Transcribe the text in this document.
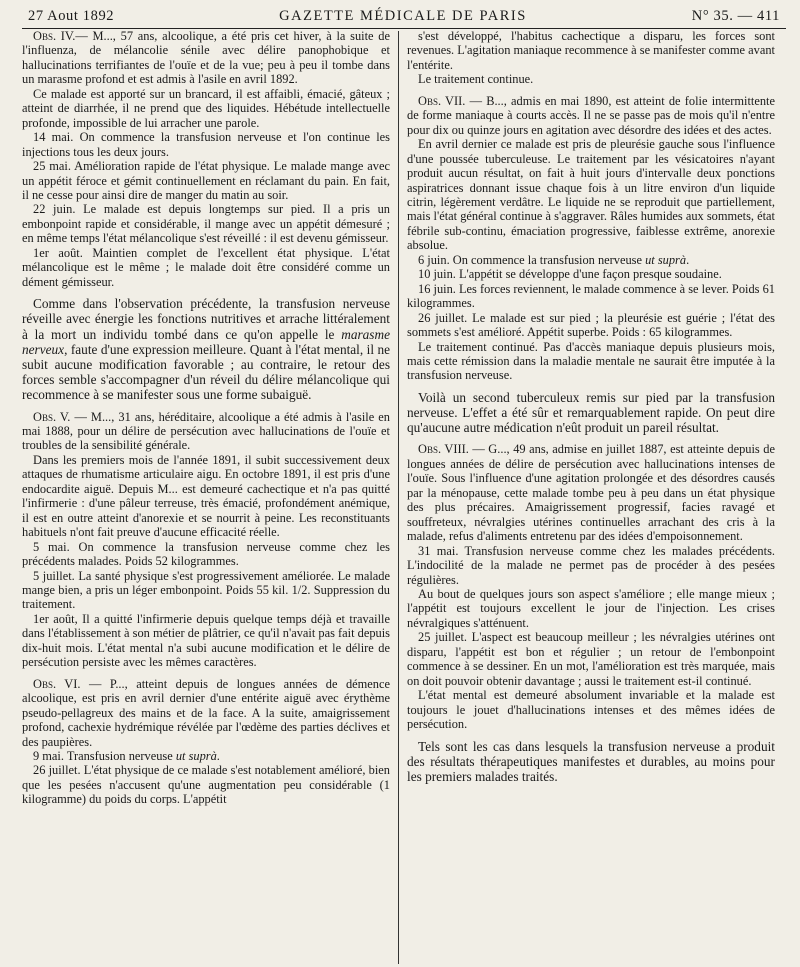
27 Aout 1892	GAZETTE MÉDICALE DE PARIS	N° 35. — 411

Obs. IV.— M..., 57 ans, alcoolique, a été pris cet hiver, à la suite de l'influenza, de mélancolie sénile avec délire panophobique et hallucinations terrifiantes de l'ouïe et de la vue; peu à peu il tombe dans un marasme profond et est admis à l'asile en avril 1892.

Ce malade est apporté sur un brancard, il est affaibli, émacié, gâteux ; atteint de diarrhée, il ne prend que des liquides. Hébétude intellectuelle profonde, impossible de lui arracher une parole.

14 mai. On commence la transfusion nerveuse et l'on continue les injections tous les deux jours.

25 mai. Amélioration rapide de l'état physique. Le malade mange avec un appétit féroce et gémit continuellement en réclamant du pain. En fait, il ne cesse pour ainsi dire de manger du matin au soir.

22 juin. Le malade est depuis longtemps sur pied. Il a pris un embonpoint rapide et considérable, il mange avec un appétit démesuré ; en même temps l'état mélancolique s'est réveillé : il est devenu gémisseur.

1er août. Maintien complet de l'excellent état physique. L'état mélancolique est le même ; le malade doit être considéré comme un dément gémisseur.

Comme dans l'observation précédente, la transfusion nerveuse réveille avec énergie les fonctions nutritives et arrache littéralement à la mort un individu tombé dans ce qu'on appelle le marasme nerveux, faute d'une expression meilleure. Quant à l'état mental, il ne subit aucune modification favorable ; au contraire, le retour des forces semble s'accompagner d'un réveil du délire mélancolique qui recommence à se manifester sous une forme subaiguë.

Obs. V. — M..., 31 ans, héréditaire, alcoolique a été admis à l'asile en mai 1888, pour un délire de persécution avec hallucinations de l'ouïe et troubles de la sensibilité générale.

Dans les premiers mois de l'année 1891, il subit successivement deux attaques de rhumatisme articulaire aigu. En octobre 1891, il est pris d'une endocardite aiguë. Depuis M... est demeuré cachectique et n'a pas quitté l'infirmerie : d'une pâleur terreuse, très émacié, profondément anémique, il est en outre atteint d'anorexie et se nourrit à peine. Les reconstituants habituels n'ont fait preuve d'aucune efficacité réelle.

5 mai. On commence la transfusion nerveuse comme chez les précédents malades. Poids 52 kilogrammes.

5 juillet. La santé physique s'est progressivement améliorée. Le malade mange bien, a pris un léger embonpoint. Poids 55 kil. 1/2. Suppression du traitement.

1er août, Il a quitté l'infirmerie depuis quelque temps déjà et travaille dans l'établissement à son métier de plâtrier, ce qu'il n'avait pas fait depuis dix-huit mois. L'état mental n'a subi aucune modification et le délire de persécution persiste avec les mêmes caractères.

Obs. VI. — P..., atteint depuis de longues années de démence alcoolique, est pris en avril dernier d'une entérite aiguë avec érythème pseudo-pellagreux des mains et de la face. A la suite, amaigrissement profond, cachexie hydrémique révélée par l'œdème des parties déclives et des paupières.

9 mai. Transfusion nerveuse ut suprà.

26 juillet. L'état physique de ce malade s'est notablement amélioré, bien que les pesées n'accusent qu'une augmentation peu considérable (1 kilogramme) du poids du corps. L'appétit

s'est développé, l'habitus cachectique a disparu, les forces sont revenues. L'agitation maniaque recommence à se manifester comme avant l'entérite.

Le traitement continue.

Obs. VII. — B..., admis en mai 1890, est atteint de folie intermittente de forme maniaque à courts accès. Il ne se passe pas de mois qu'il n'entre pour dix ou quinze jours en agitation avec désordre des idées et des actes.

En avril dernier ce malade est pris de pleurésie gauche sous l'influence d'une poussée tuberculeuse. Le traitement par les vésicatoires n'ayant produit aucun résultat, on fait à huit jours d'intervalle deux ponctions aspiratrices donnant issue chaque fois à un litre environ d'un liquide citrin, légèrement verdâtre. Le liquide ne se reproduit que partiellement, mais l'état général continue à s'aggraver. Râles humides aux sommets, état fébrile sub-continu, émaciation progressive, faiblesse extrême, anorexie absolue.

6 juin. On commence la transfusion nerveuse ut suprà.

10 juin. L'appétit se développe d'une façon presque soudaine.

16 juin. Les forces reviennent, le malade commence à se lever. Poids 61 kilogrammes.

26 juillet. Le malade est sur pied ; la pleurésie est guérie ; l'état des sommets s'est amélioré. Appétit superbe. Poids : 65 kilogrammes.

Le traitement continué. Pas d'accès maniaque depuis plusieurs mois, mais cette rémission dans la maladie mentale ne saurait être imputée à la transfusion nerveuse.

Voilà un second tuberculeux remis sur pied par la transfusion nerveuse. L'effet a été sûr et remarquablement rapide. On peut dire qu'aucune autre médication n'eût produit un pareil résultat.

Obs. VIII. — G..., 49 ans, admise en juillet 1887, est atteinte depuis de longues années de délire de persécution avec hallucinations intenses de l'ouïe. Sous l'influence d'une agitation prolongée et des désordres causés par la ménopause, cette malade tombe peu à peu dans un état physique des plus précaires. Amaigrissement progressif, facies ravagé et souffreteux, névralgies utérines continuelles arrachant des cris à la malade, refus d'aliments entretenu par des idées d'empoisonnement.

31 mai. Transfusion nerveuse comme chez les malades précédents. L'indocilité de la malade ne permet pas de procéder à des pesées régulières.

Au bout de quelques jours son aspect s'améliore ; elle mange mieux ; l'appétit est toujours excellent le jour de l'injection. Les crises névralgiques s'atténuent.

25 juillet. L'aspect est beaucoup meilleur ; les névralgies utérines ont disparu, l'appétit est bon et régulier ; un retour de l'embonpoint commence à se dessiner. En un mot, l'amélioration est très marquée, mais on doit pouvoir obtenir davantage ; aussi le traitement est-il continué.

L'état mental est demeuré absolument invariable et la malade est toujours le jouet d'hallucinations intenses et des mêmes idées de persécution.

Tels sont les cas dans lesquels la transfusion nerveuse a produit des résultats thérapeutiques manifestes et durables, au moins pour les premiers malades traités.
